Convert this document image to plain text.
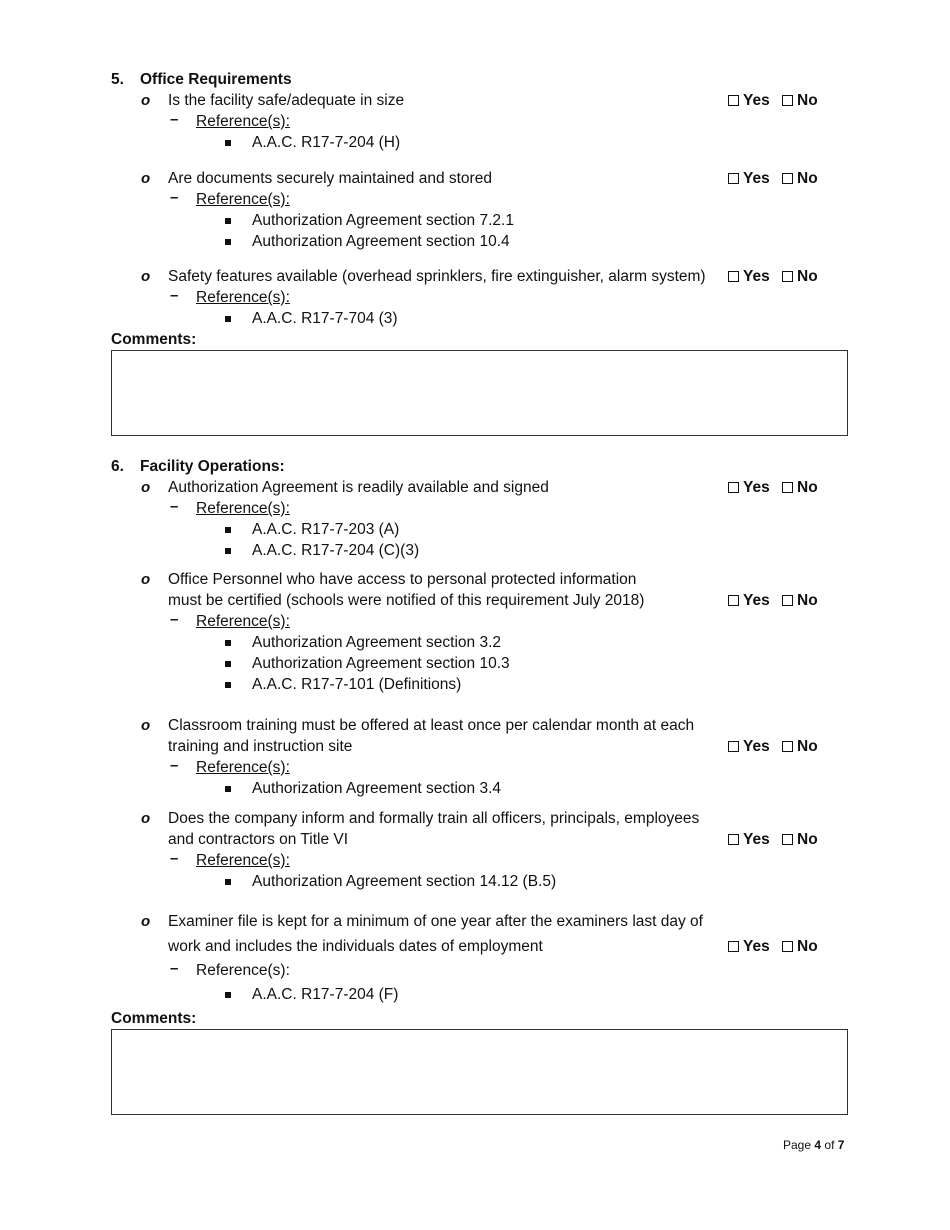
5. Office Requirements
o Is the facility safe/adequate in size	Yes	No
– Reference(s):
A.A.C. R17-7-204 (H)
o Are documents securely maintained and stored	Yes	No
– Reference(s):
Authorization Agreement section 7.2.1
Authorization Agreement section 10.4
o Safety features available (overhead sprinklers, fire extinguisher, alarm system)	Yes	No
– Reference(s):
A.A.C. R17-7-704 (3)
Comments:
6. Facility Operations:
o Authorization Agreement is readily available and signed	Yes	No
– Reference(s):
A.A.C. R17-7-203 (A)
A.A.C. R17-7-204 (C)(3)
o Office Personnel who have access to personal protected information
must be certified (schools were notified of this requirement July 2018)	Yes	No
– Reference(s):
Authorization Agreement section 3.2
Authorization Agreement section 10.3
A.A.C. R17-7-101 (Definitions)
o Classroom training must be offered at least once per calendar month at each
training and instruction site	Yes	No
– Reference(s):
Authorization Agreement section 3.4
o Does the company inform and formally train all officers, principals, employees
and contractors on Title VI	Yes	No
– Reference(s):
Authorization Agreement section 14.12 (B.5)
o Examiner file is kept for a minimum of one year after the examiners last day of
work and includes the individuals dates of employment	Yes	No
– Reference(s):
A.A.C. R17-7-204 (F)
Comments:
Page 4 of 7
